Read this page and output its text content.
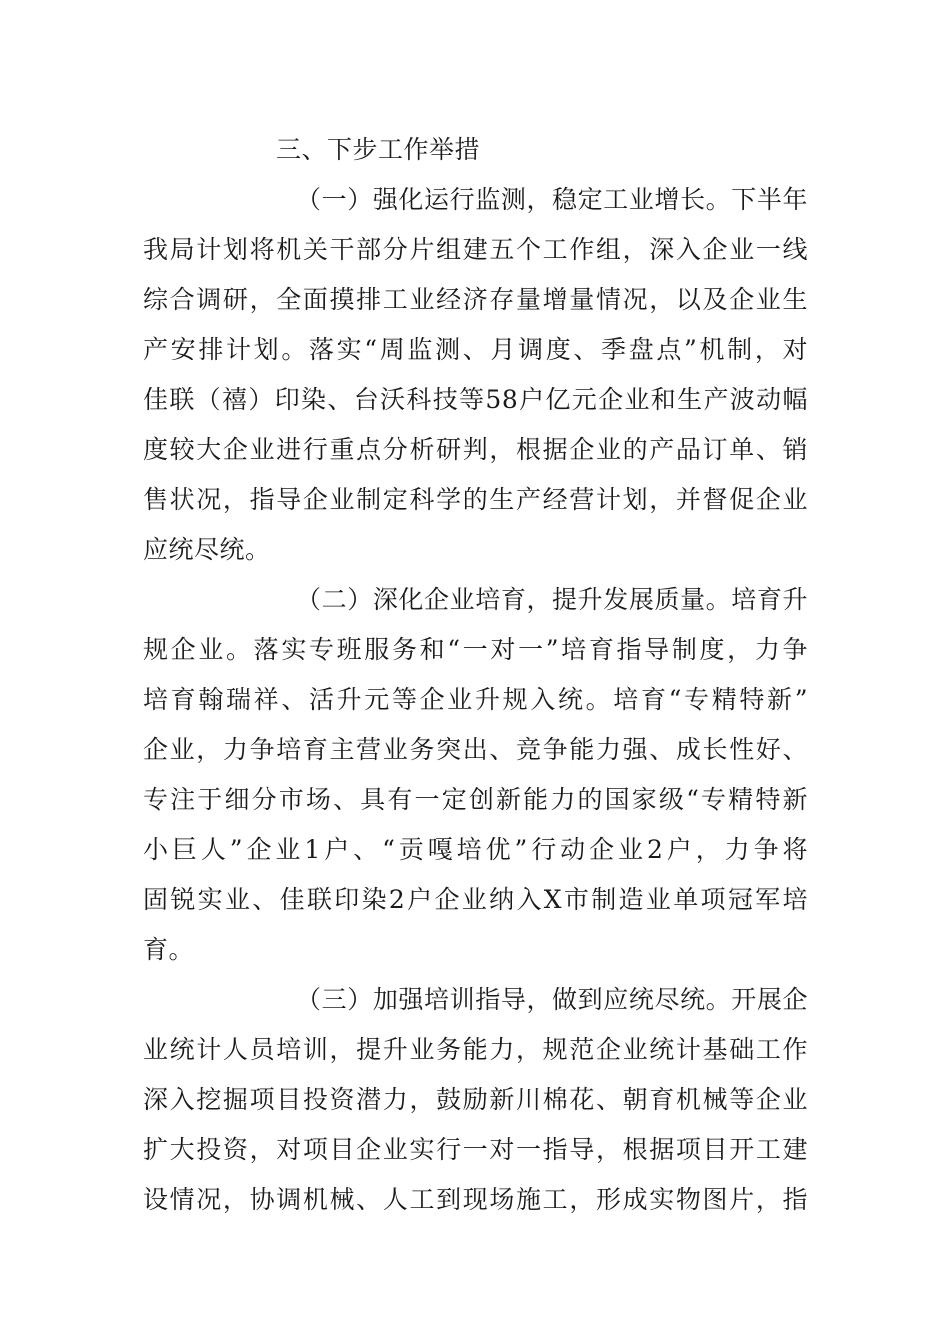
三、下步工作举措
（一）强化运行监测，稳定工业增长。下半年
我局计划将机关干部分片组建五个工作组，深入企业一线
综合调研，全面摸排工业经济存量增量情况，以及企业生
产安排计划。落实“周监测、月调度、季盘点”机制，对
佳联（禧）印染、台沃科技等58户亿元企业和生产波动幅
度较大企业进行重点分析研判，根据企业的产品订单、销
售状况，指导企业制定科学的生产经营计划，并督促企业
应统尽统。
（二）深化企业培育，提升发展质量。培育升
规企业。落实专班服务和“一对一”培育指导制度，力争
培育翰瑞祥、活升元等企业升规入统。培育“专精特新”
企业，力争培育主营业务突出、竞争能力强、成长性好、
专注于细分市场、具有一定创新能力的国家级“专精特新
小巨人”企业1户、“贡嘎培优”行动企业2户，力争将
固锐实业、佳联印染2户企业纳入X市制造业单项冠军培
育。
（三）加强培训指导，做到应统尽统。开展企
业统计人员培训，提升业务能力，规范企业统计基础工作
深入挖掘项目投资潜力，鼓励新川棉花、朝育机械等企业
扩大投资，对项目企业实行一对一指导，根据项目开工建
设情况，协调机械、人工到现场施工，形成实物图片，指
